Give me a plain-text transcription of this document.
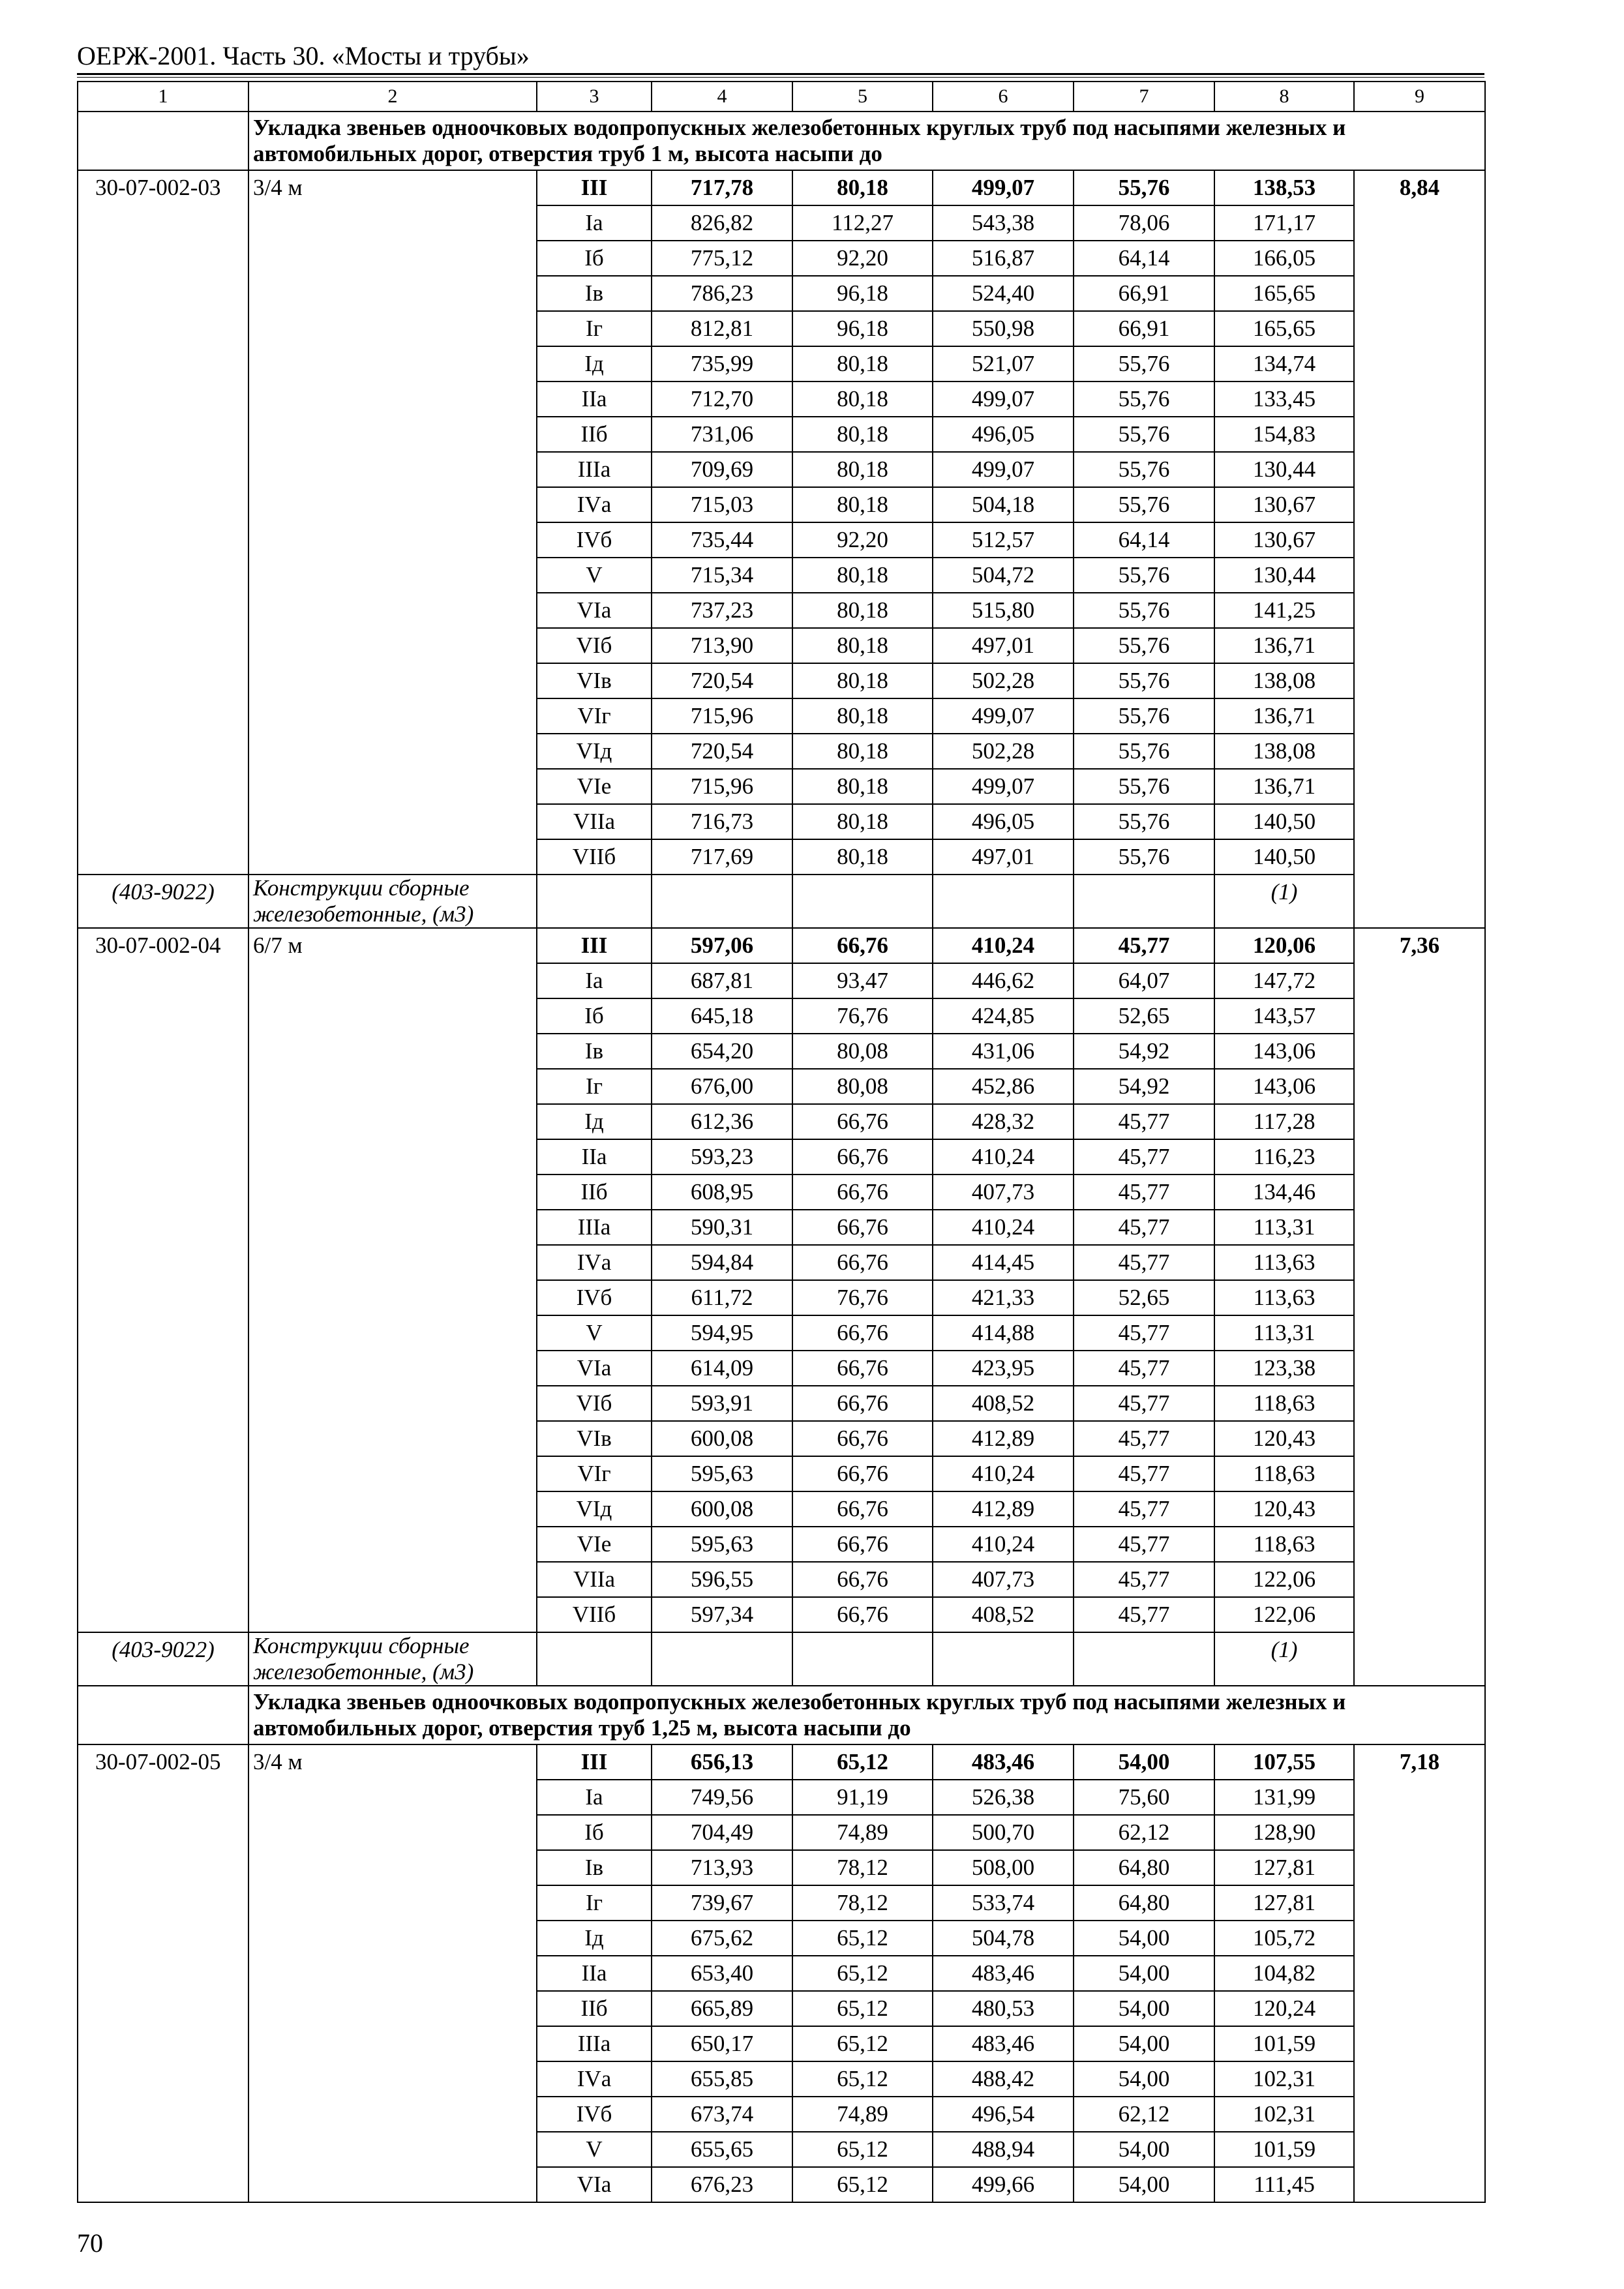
ОЕРЖ-2001. Часть 30. «Мосты и трубы»
1	2	3	4	5	6	7	8	9
	Укладка звеньев одноочковых водопропускных железобетонных круглых труб под насыпями железных и автомобильных дорог, отверстия труб 1 м, высота насыпи до							
30-07-002-03	3/4 м	III	717,78	80,18	499,07	55,76	138,53	8,84
		Iа	826,82	112,27	543,38	78,06	171,17	
		Iб	775,12	92,20	516,87	64,14	166,05	
		Iв	786,23	96,18	524,40	66,91	165,65	
		Iг	812,81	96,18	550,98	66,91	165,65	
		Iд	735,99	80,18	521,07	55,76	134,74	
		IIа	712,70	80,18	499,07	55,76	133,45	
		IIб	731,06	80,18	496,05	55,76	154,83	
		IIIа	709,69	80,18	499,07	55,76	130,44	
		IVа	715,03	80,18	504,18	55,76	130,67	
		IVб	735,44	92,20	512,57	64,14	130,67	
		V	715,34	80,18	504,72	55,76	130,44	
		VIа	737,23	80,18	515,80	55,76	141,25	
		VIб	713,90	80,18	497,01	55,76	136,71	
		VIв	720,54	80,18	502,28	55,76	138,08	
		VIг	715,96	80,18	499,07	55,76	136,71	
		VIд	720,54	80,18	502,28	55,76	138,08	
		VIе	715,96	80,18	499,07	55,76	136,71	
		VIIа	716,73	80,18	496,05	55,76	140,50	
		VIIб	717,69	80,18	497,01	55,76	140,50	
(403-9022)	Конструкции сборные железобетонные, (м3)						(1)	
30-07-002-04	6/7 м	III	597,06	66,76	410,24	45,77	120,06	7,36
		Iа	687,81	93,47	446,62	64,07	147,72	
		Iб	645,18	76,76	424,85	52,65	143,57	
		Iв	654,20	80,08	431,06	54,92	143,06	
		Iг	676,00	80,08	452,86	54,92	143,06	
		Iд	612,36	66,76	428,32	45,77	117,28	
		IIа	593,23	66,76	410,24	45,77	116,23	
		IIб	608,95	66,76	407,73	45,77	134,46	
		IIIа	590,31	66,76	410,24	45,77	113,31	
		IVа	594,84	66,76	414,45	45,77	113,63	
		IVб	611,72	76,76	421,33	52,65	113,63	
		V	594,95	66,76	414,88	45,77	113,31	
		VIа	614,09	66,76	423,95	45,77	123,38	
		VIб	593,91	66,76	408,52	45,77	118,63	
		VIв	600,08	66,76	412,89	45,77	120,43	
		VIг	595,63	66,76	410,24	45,77	118,63	
		VIд	600,08	66,76	412,89	45,77	120,43	
		VIе	595,63	66,76	410,24	45,77	118,63	
		VIIа	596,55	66,76	407,73	45,77	122,06	
		VIIб	597,34	66,76	408,52	45,77	122,06	
(403-9022)	Конструкции сборные железобетонные, (м3)						(1)	
	Укладка звеньев одноочковых водопропускных железобетонных круглых труб под насыпями железных и автомобильных дорог, отверстия труб 1,25 м, высота насыпи до							
30-07-002-05	3/4 м	III	656,13	65,12	483,46	54,00	107,55	7,18
		Iа	749,56	91,19	526,38	75,60	131,99	
		Iб	704,49	74,89	500,70	62,12	128,90	
		Iв	713,93	78,12	508,00	64,80	127,81	
		Iг	739,67	78,12	533,74	64,80	127,81	
		Iд	675,62	65,12	504,78	54,00	105,72	
		IIа	653,40	65,12	483,46	54,00	104,82	
		IIб	665,89	65,12	480,53	54,00	120,24	
		IIIа	650,17	65,12	483,46	54,00	101,59	
		IVа	655,85	65,12	488,42	54,00	102,31	
		IVб	673,74	74,89	496,54	62,12	102,31	
		V	655,65	65,12	488,94	54,00	101,59	
		VIа	676,23	65,12	499,66	54,00	111,45	
70
